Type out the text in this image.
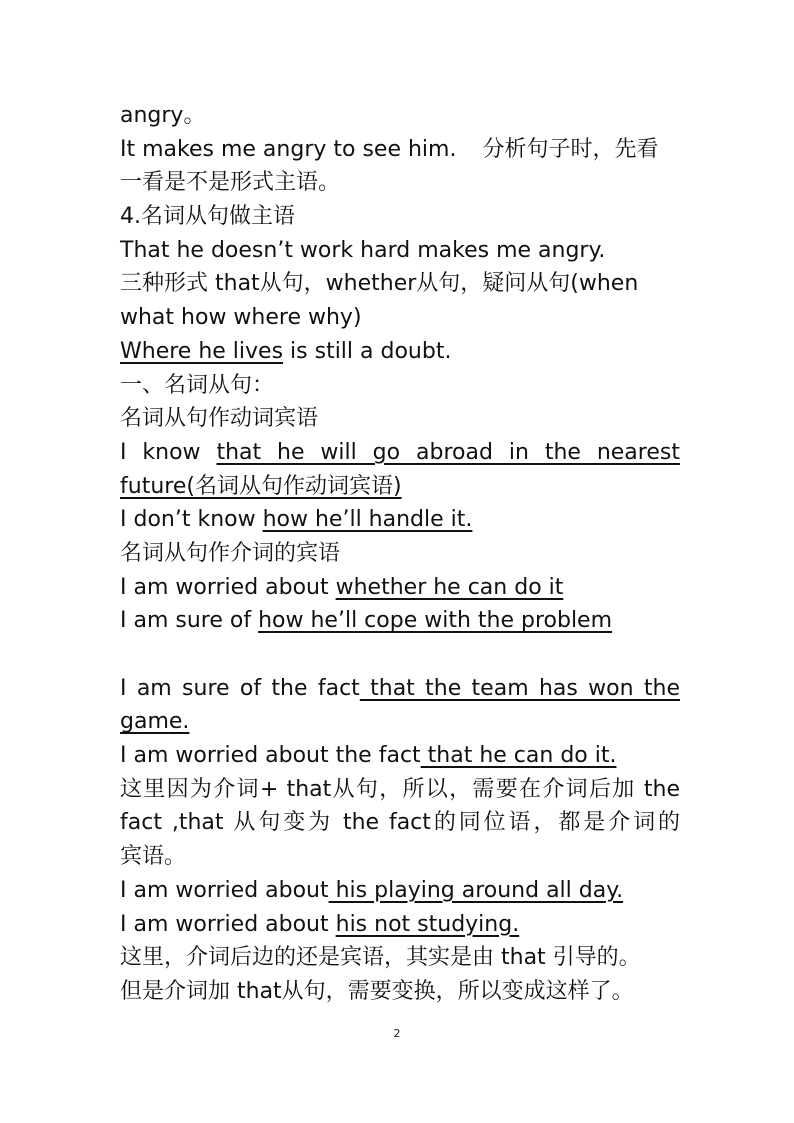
angry。
It makes me angry to see him. 分析句子时，先看
一看是不是形式主语。
4.名词从句做主语
That he doesn’t work hard makes me angry.
三种形式 that从句，whether从句，疑问从句(when
what how where why)
Where he lives is still a doubt.
一、名词从句：
名词从句作动词宾语
I know that he will go abroad in the nearest
future(名词从句作动词宾语)
I don’t know how he’ll handle it.
名词从句作介词的宾语
I am worried about whether he can do it
I am sure of how he’ll cope with the problem
I am sure of the fact that the team has won the
game.
I am worried about the fact that he can do it.
这里因为介词+ that从句，所以，需要在介词后加 the
fact ,that 从句变为 the fact的同位语，都是介词的
宾语。
I am worried about his playing around all day.
I am worried about his not studying.
这里，介词后边的还是宾语，其实是由 that 引导的。
但是介词加 that从句，需要变换，所以变成这样了。
2
